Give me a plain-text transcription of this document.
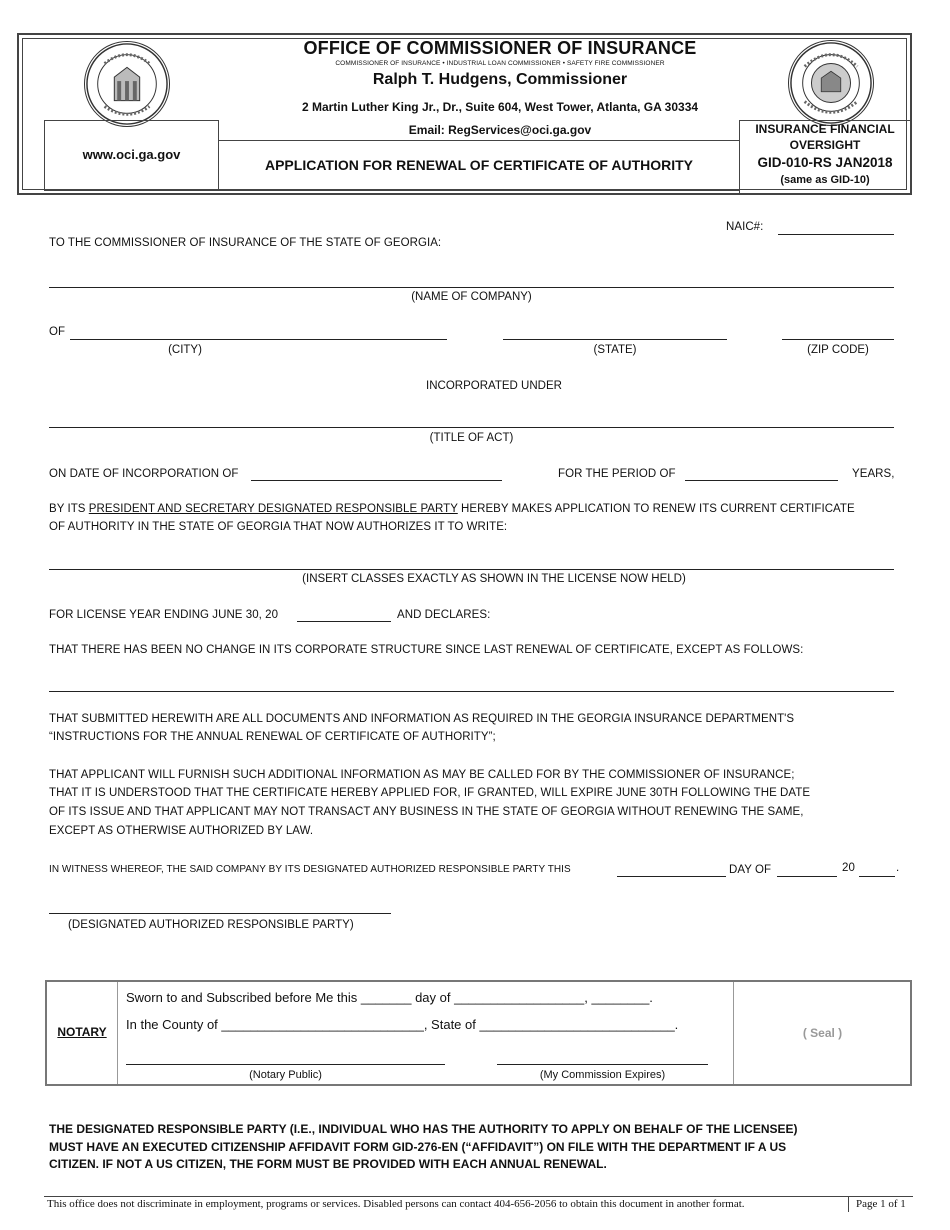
OFFICE OF COMMISSIONER OF INSURANCE
COMMISSIONER OF INSURANCE • INDUSTRIAL LOAN COMMISSIONER • SAFETY FIRE COMMISSIONER
Ralph T. Hudgens, Commissioner
2 Martin Luther King Jr., Dr., Suite 604, West Tower, Atlanta, GA 30334
Email: RegServices@oci.ga.gov
www.oci.ga.gov
APPLICATION FOR RENEWAL OF CERTIFICATE OF AUTHORITY
INSURANCE FINANCIAL
OVERSIGHT
GID-010-RS JAN2018
(same as GID-10)
NAIC#:
TO THE COMMISSIONER OF INSURANCE OF THE STATE OF GEORGIA:
(NAME OF COMPANY)
OF
(CITY)	(STATE)	(ZIP CODE)
INCORPORATED UNDER
(TITLE OF ACT)
ON DATE OF INCORPORATION OF	FOR THE PERIOD OF	YEARS,
BY ITS PRESIDENT AND SECRETARY DESIGNATED RESPONSIBLE PARTY HEREBY MAKES APPLICATION TO RENEW ITS CURRENT CERTIFICATE
OF AUTHORITY IN THE STATE OF GEORGIA THAT NOW AUTHORIZES IT TO WRITE:
(INSERT CLASSES EXACTLY AS SHOWN IN THE LICENSE NOW HELD)
FOR LICENSE YEAR ENDING JUNE 30, 20	AND DECLARES:
THAT THERE HAS BEEN NO CHANGE IN ITS CORPORATE STRUCTURE SINCE LAST RENEWAL OF CERTIFICATE, EXCEPT AS FOLLOWS:
THAT SUBMITTED HEREWITH ARE ALL DOCUMENTS AND INFORMATION AS REQUIRED IN THE GEORGIA INSURANCE DEPARTMENT'S
“INSTRUCTIONS FOR THE ANNUAL RENEWAL OF CERTIFICATE OF AUTHORITY”;
THAT APPLICANT WILL FURNISH SUCH ADDITIONAL INFORMATION AS MAY BE CALLED FOR BY THE COMMISSIONER OF INSURANCE;
THAT IT IS UNDERSTOOD THAT THE CERTIFICATE HEREBY APPLIED FOR, IF GRANTED, WILL EXPIRE JUNE 30TH FOLLOWING THE DATE
OF ITS ISSUE AND THAT APPLICANT MAY NOT TRANSACT ANY BUSINESS IN THE STATE OF GEORGIA WITHOUT RENEWING THE SAME,
EXCEPT AS OTHERWISE AUTHORIZED BY LAW.
IN WITNESS WHEREOF, THE SAID COMPANY BY ITS DESIGNATED AUTHORIZED RESPONSIBLE PARTY THIS	DAY OF	20	.
(DESIGNATED AUTHORIZED RESPONSIBLE PARTY)
NOTARY
Sworn to and Subscribed before Me this _______ day of __________________, ________.
In the County of ____________________________, State of ___________________________.
(Notary Public)	(My Commission Expires)
( Seal )
THE DESIGNATED RESPONSIBLE PARTY (I.E., INDIVIDUAL WHO HAS THE AUTHORITY TO APPLY ON BEHALF OF THE LICENSEE)
MUST HAVE AN EXECUTED CITIZENSHIP AFFIDAVIT FORM GID-276-EN (“AFFIDAVIT”) ON FILE WITH THE DEPARTMENT IF A US
CITIZEN. IF NOT A US CITIZEN, THE FORM MUST BE PROVIDED WITH EACH ANNUAL RENEWAL.
This office does not discriminate in employment, programs or services. Disabled persons can contact 404-656-2056 to obtain this document in another format.	Page 1 of 1
